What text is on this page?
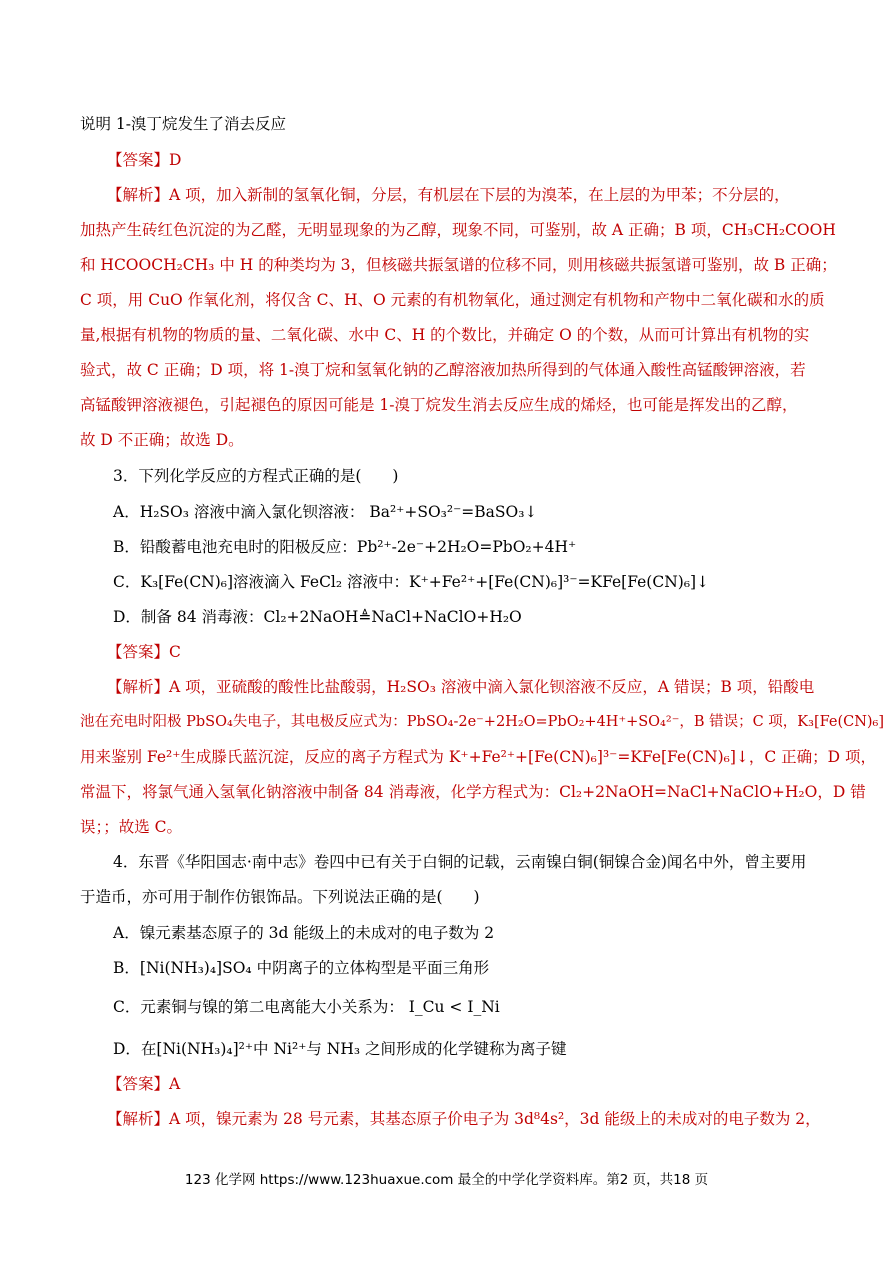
说明 1-溴丁烷发生了消去反应
【答案】D
【解析】A 项，加入新制的氢氧化铜，分层，有机层在下层的为溴苯，在上层的为甲苯；不分层的，
加热产生砖红色沉淀的为乙醛，无明显现象的为乙醇，现象不同，可鉴别，故 A 正确；B 项，CH₃CH₂COOH
和 HCOOCH₂CH₃ 中 H 的种类均为 3，但核磁共振氢谱的位移不同，则用核磁共振氢谱可鉴别，故 B 正确；
C 项，用 CuO 作氧化剂，将仅含 C、H、O 元素的有机物氧化，通过测定有机物和产物中二氧化碳和水的质
量,根据有机物的物质的量、二氧化碳、水中 C、H 的个数比，并确定 O 的个数，从而可计算出有机物的实
验式，故 C 正确；D 项，将 1-溴丁烷和氢氧化钠的乙醇溶液加热所得到的气体通入酸性高锰酸钾溶液，若
高锰酸钾溶液褪色，引起褪色的原因可能是 1-溴丁烷发生消去反应生成的烯烃，也可能是挥发出的乙醇，
故 D 不正确；故选 D。
3．下列化学反应的方程式正确的是(　　)
A．H₂SO₃ 溶液中滴入氯化钡溶液： Ba²⁺+SO₃²⁻=BaSO₃↓
B．铅酸蓄电池充电时的阳极反应：Pb²⁺-2e⁻+2H₂O=PbO₂+4H⁺
C．K₃[Fe(CN)₆]溶液滴入 FeCl₂ 溶液中：K⁺+Fe²⁺+[Fe(CN)₆]³⁻=KFe[Fe(CN)₆]↓
D．制备 84 消毒液：Cl₂+2NaOH≜NaCl+NaClO+H₂O
【答案】C
【解析】A 项，亚硫酸的酸性比盐酸弱，H₂SO₃ 溶液中滴入氯化钡溶液不反应，A 错误；B 项，铅酸电
池在充电时阳极 PbSO₄失电子，其电极反应式为：PbSO₄-2e⁻+2H₂O=PbO₂+4H⁺+SO₄²⁻，B 错误；C 项，K₃[Fe(CN)₆]
用来鉴别 Fe²⁺生成滕氏蓝沉淀，反应的离子方程式为 K⁺+Fe²⁺+[Fe(CN)₆]³⁻=KFe[Fe(CN)₆]↓，C 正确；D 项，
常温下，将氯气通入氢氧化钠溶液中制备 84 消毒液，化学方程式为：Cl₂+2NaOH=NaCl+NaClO+H₂O，D 错
误；；故选 C。
4．东晋《华阳国志·南中志》卷四中已有关于白铜的记载，云南镍白铜(铜镍合金)闻名中外，曾主要用
于造币，亦可用于制作仿银饰品。下列说法正确的是(　　)
A．镍元素基态原子的 3d 能级上的未成对的电子数为 2
B．[Ni(NH₃)₄]SO₄ 中阴离子的立体构型是平面三角形
C．元素铜与镍的第二电离能大小关系为： I_Cu < I_Ni
D．在[Ni(NH₃)₄]²⁺中 Ni²⁺与 NH₃ 之间形成的化学键称为离子键
【答案】A
【解析】A 项，镍元素为 28 号元素，其基态原子价电子为 3d⁸4s²，3d 能级上的未成对的电子数为 2，
123 化学网 https://www.123huaxue.com 最全的中学化学资料库。第2 页，共18 页
